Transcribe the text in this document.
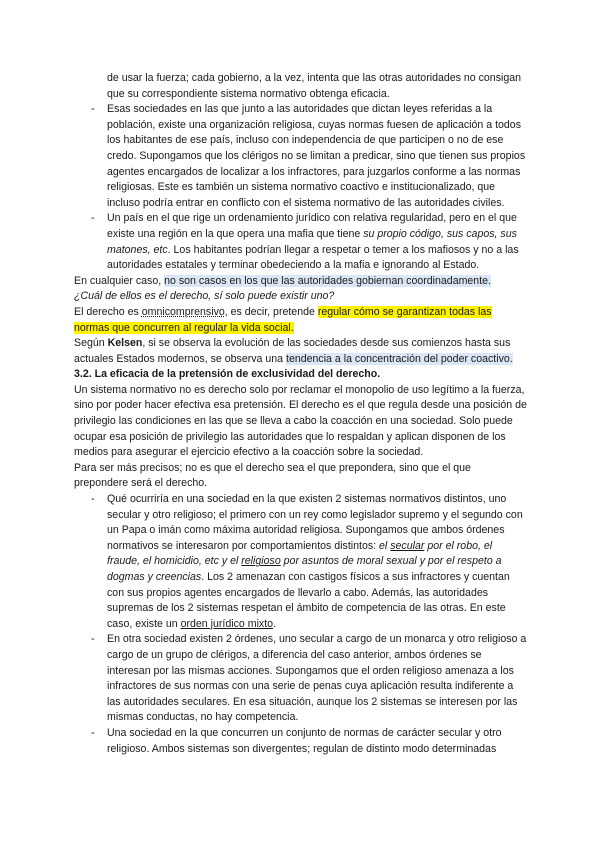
de usar la fuerza; cada gobierno, a la vez, intenta que las otras autoridades no consigan que su correspondiente sistema normativo obtenga eficacia.

- Esas sociedades en las que junto a las autoridades que dictan leyes referidas a la población, existe una organización religiosa, cuyas normas fuesen de aplicación a todos los habitantes de ese país, incluso con independencia de que participen o no de ese credo. Supongamos que los clérigos no se limitan a predicar, sino que tienen sus propios agentes encargados de localizar a los infractores, para juzgarlos conforme a las normas religiosas. Este es también un sistema normativo coactivo e institucionalizado, que incluso podría entrar en conflicto con el sistema normativo de las autoridades civiles.
- Un país en el que rige un ordenamiento jurídico con relativa regularidad, pero en el que existe una región en la que opera una mafia que tiene su propio código, sus capos, sus matones, etc. Los habitantes podrían llegar a respetar o temer a los mafiosos y no a las autoridades estatales y terminar obedeciendo a la mafia e ignorando al Estado.

En cualquier caso, no son casos en los que las autoridades gobiernan coordinadamente.

¿Cuál de ellos es el derecho, sí solo puede existir uno?

El derecho es omnicomprensivo, es decir, pretende regular cómo se garantizan todas las normas que concurren al regular la vida social.

Según Kelsen, si se observa la evolución de las sociedades desde sus comienzos hasta sus actuales Estados modernos, se observa una tendencia a la concentración del poder coactivo.

3.2. La eficacia de la pretensión de exclusividad del derecho.

Un sistema normativo no es derecho solo por reclamar el monopolio de uso legítimo a la fuerza, sino por poder hacer efectiva esa pretensión. El derecho es el que regula desde una posición de privilegio las condiciones en las que se lleva a cabo la coacción en una sociedad. Solo puede ocupar esa posición de privilegio las autoridades que lo respaldan y aplican disponen de los medios para asegurar el ejercicio efectivo a la coacción sobre la sociedad.

Para ser más precisos; no es que el derecho sea el que prepondera, sino que el que prepondere será el derecho.

- Qué ocurriría en una sociedad en la que existen 2 sistemas normativos distintos, uno secular y otro religioso; el primero con un rey como legislador supremo y el segundo con un Papa o imán como máxima autoridad religiosa. Supongamos que ambos órdenes normativos se interesaron por comportamientos distintos: el secular por el robo, el fraude, el homicidio, etc y el religioso por asuntos de moral sexual y por el respeto a dogmas y creencias. Los 2 amenazan con castigos físicos a sus infractores y cuentan con sus propios agentes encargados de llevarlo a cabo. Además, las autoridades supremas de los 2 sistemas respetan el ámbito de competencia de las otras. En este caso, existe un orden jurídico mixto.
- En otra sociedad existen 2 órdenes, uno secular a cargo de un monarca y otro religioso a cargo de un grupo de clérigos, a diferencia del caso anterior, ambos órdenes se interesan por las mismas acciones. Supongamos que el orden religioso amenaza a los infractores de sus normas con una serie de penas cuya aplicación resulta indiferente a las autoridades seculares. En esa situación, aunque los 2 sistemas se interesen por las mismas conductas, no hay competencia.
- Una sociedad en la que concurren un conjunto de normas de carácter secular y otro religioso. Ambos sistemas son divergentes; regulan de distinto modo determinadas
